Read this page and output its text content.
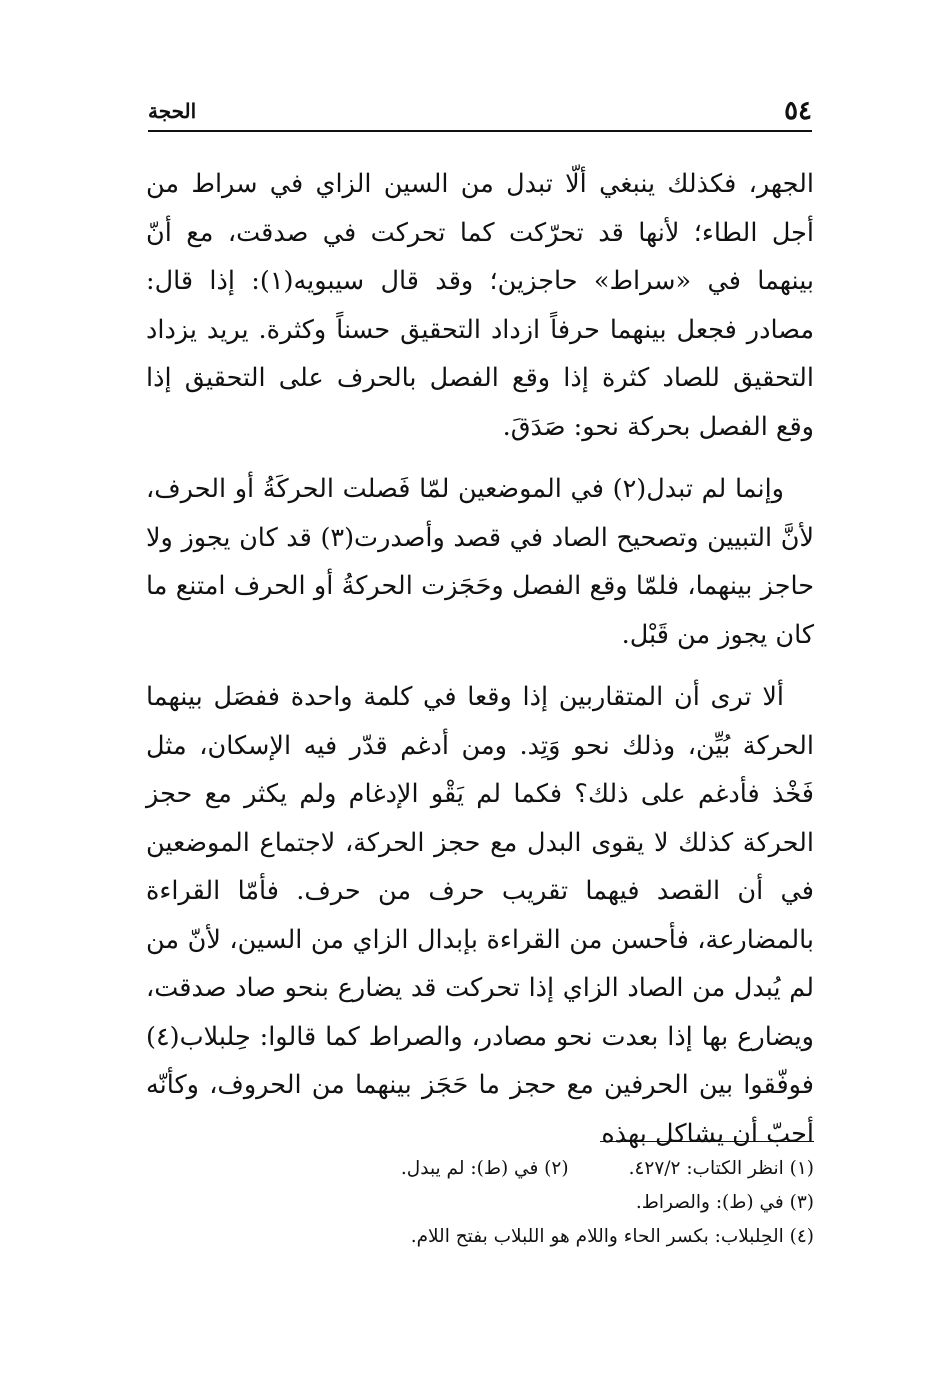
٥٤
الحجة

الجهر، فكذلك ينبغي ألّا تبدل من السين الزاي في سراط من أجل الطاء؛ لأنها قد تحرّكت كما تحركت في صدقت، مع أنّ بينهما في «سراط» حاجزين؛ وقد قال سيبويه(١): إذا قال: مصادر فجعل بينهما حرفاً ازداد التحقيق حسناً وكثرة. يريد يزداد التحقيق للصاد كثرة إذا وقع الفصل بالحرف على التحقيق إذا وقع الفصل بحركة نحو: صَدَقَ.

وإنما لم تبدل(٢) في الموضعين لمّا فَصلت الحركَةُ أو الحرف، لأنَّ التبيين وتصحيح الصاد في قصد وأصدرت(٣) قد كان يجوز ولا حاجز بينهما، فلمّا وقع الفصل وحَجَزت الحركةُ أو الحرف امتنع ما كان يجوز من قَبْل.

ألا ترى أن المتقاربين إذا وقعا في كلمة واحدة ففصَل بينهما الحركة بُيِّن، وذلك نحو وَتِد. ومن أدغم قدّر فيه الإسكان، مثل فَخْذ فأدغم على ذلك؟ فكما لم يَقْو الإدغام ولم يكثر مع حجز الحركة كذلك لا يقوى البدل مع حجز الحركة، لاجتماع الموضعين في أن القصد فيهما تقريب حرف من حرف. فأمّا القراءة بالمضارعة، فأحسن من القراءة بإبدال الزاي من السين، لأنّ من لم يُبدل من الصاد الزاي إذا تحركت قد يضارع بنحو صاد صدقت، ويضارع بها إذا بعدت نحو مصادر، والصراط كما قالوا: حِلبلاب(٤) فوفّقوا بين الحرفين مع حجز ما حَجَز بينهما من الحروف، وكأنّه أحبّ أن يشاكل بهذه

(١) انظر الكتاب: ٤٢٧/٢.
(٢) في (ط): لم يبدل.
(٣) في (ط): والصراط.
(٤) الحِلبلاب: بكسر الحاء واللام هو اللبلاب بفتح اللام.
